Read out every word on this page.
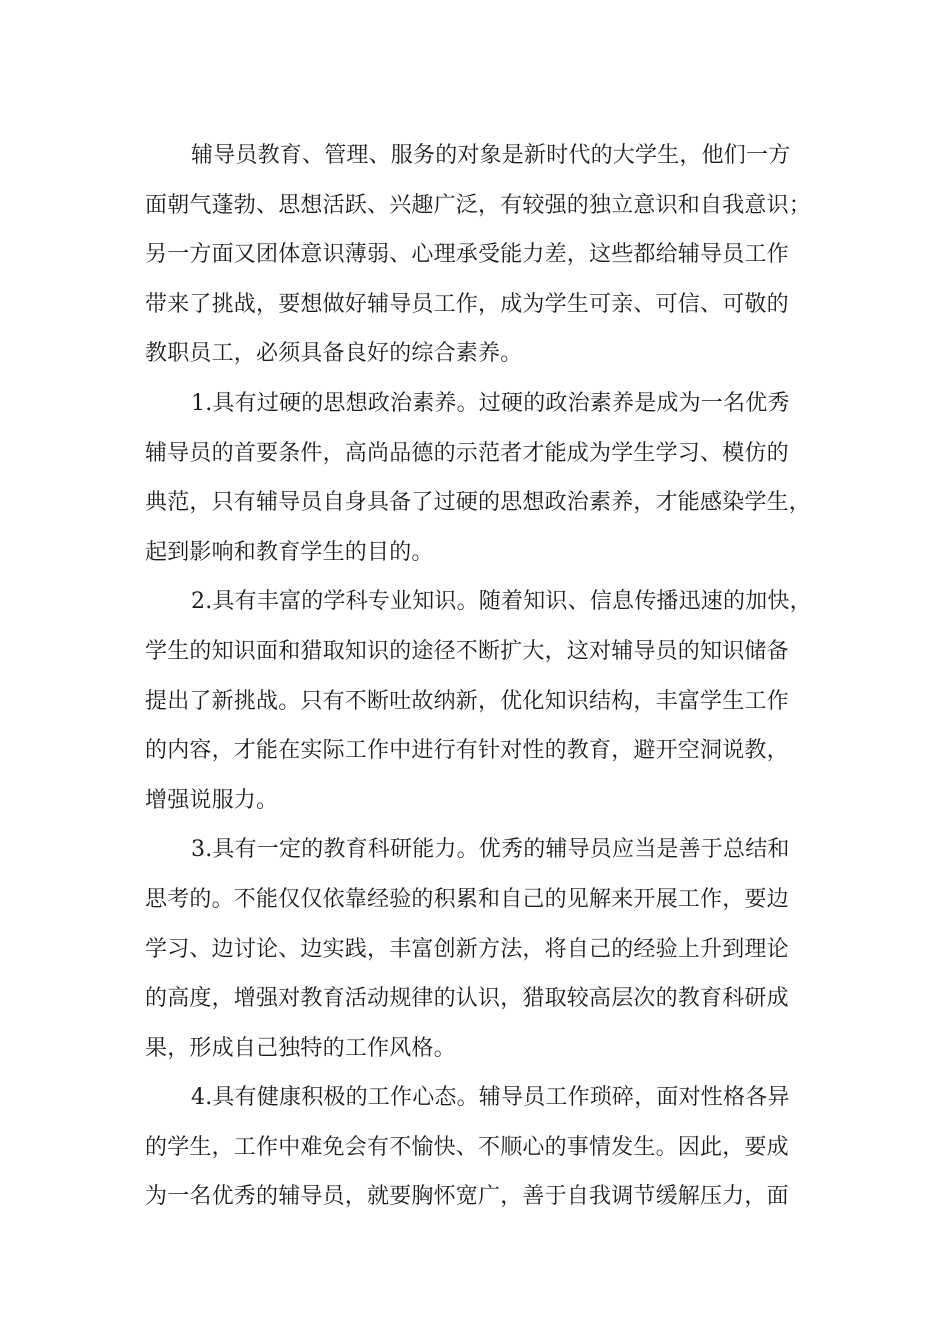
辅导员教育、管理、服务的对象是新时代的大学生，他们一方
面朝气蓬勃、思想活跃、兴趣广泛，有较强的独立意识和自我意识；
另一方面又团体意识薄弱、心理承受能力差，这些都给辅导员工作
带来了挑战，要想做好辅导员工作，成为学生可亲、可信、可敬的
教职员工，必须具备良好的综合素养。
1.具有过硬的思想政治素养。过硬的政治素养是成为一名优秀
辅导员的首要条件，高尚品德的示范者才能成为学生学习、模仿的
典范，只有辅导员自身具备了过硬的思想政治素养，才能感染学生，
起到影响和教育学生的目的。
2.具有丰富的学科专业知识。随着知识、信息传播迅速的加快，
学生的知识面和猎取知识的途径不断扩大，这对辅导员的知识储备
提出了新挑战。只有不断吐故纳新，优化知识结构，丰富学生工作
的内容，才能在实际工作中进行有针对性的教育，避开空洞说教，
增强说服力。
3.具有一定的教育科研能力。优秀的辅导员应当是善于总结和
思考的。不能仅仅依靠经验的积累和自己的见解来开展工作，要边
学习、边讨论、边实践，丰富创新方法，将自己的经验上升到理论
的高度，增强对教育活动规律的认识，猎取较高层次的教育科研成
果，形成自己独特的工作风格。
4.具有健康积极的工作心态。辅导员工作琐碎，面对性格各异
的学生，工作中难免会有不愉快、不顺心的事情发生。因此，要成
为一名优秀的辅导员，就要胸怀宽广，善于自我调节缓解压力，面
